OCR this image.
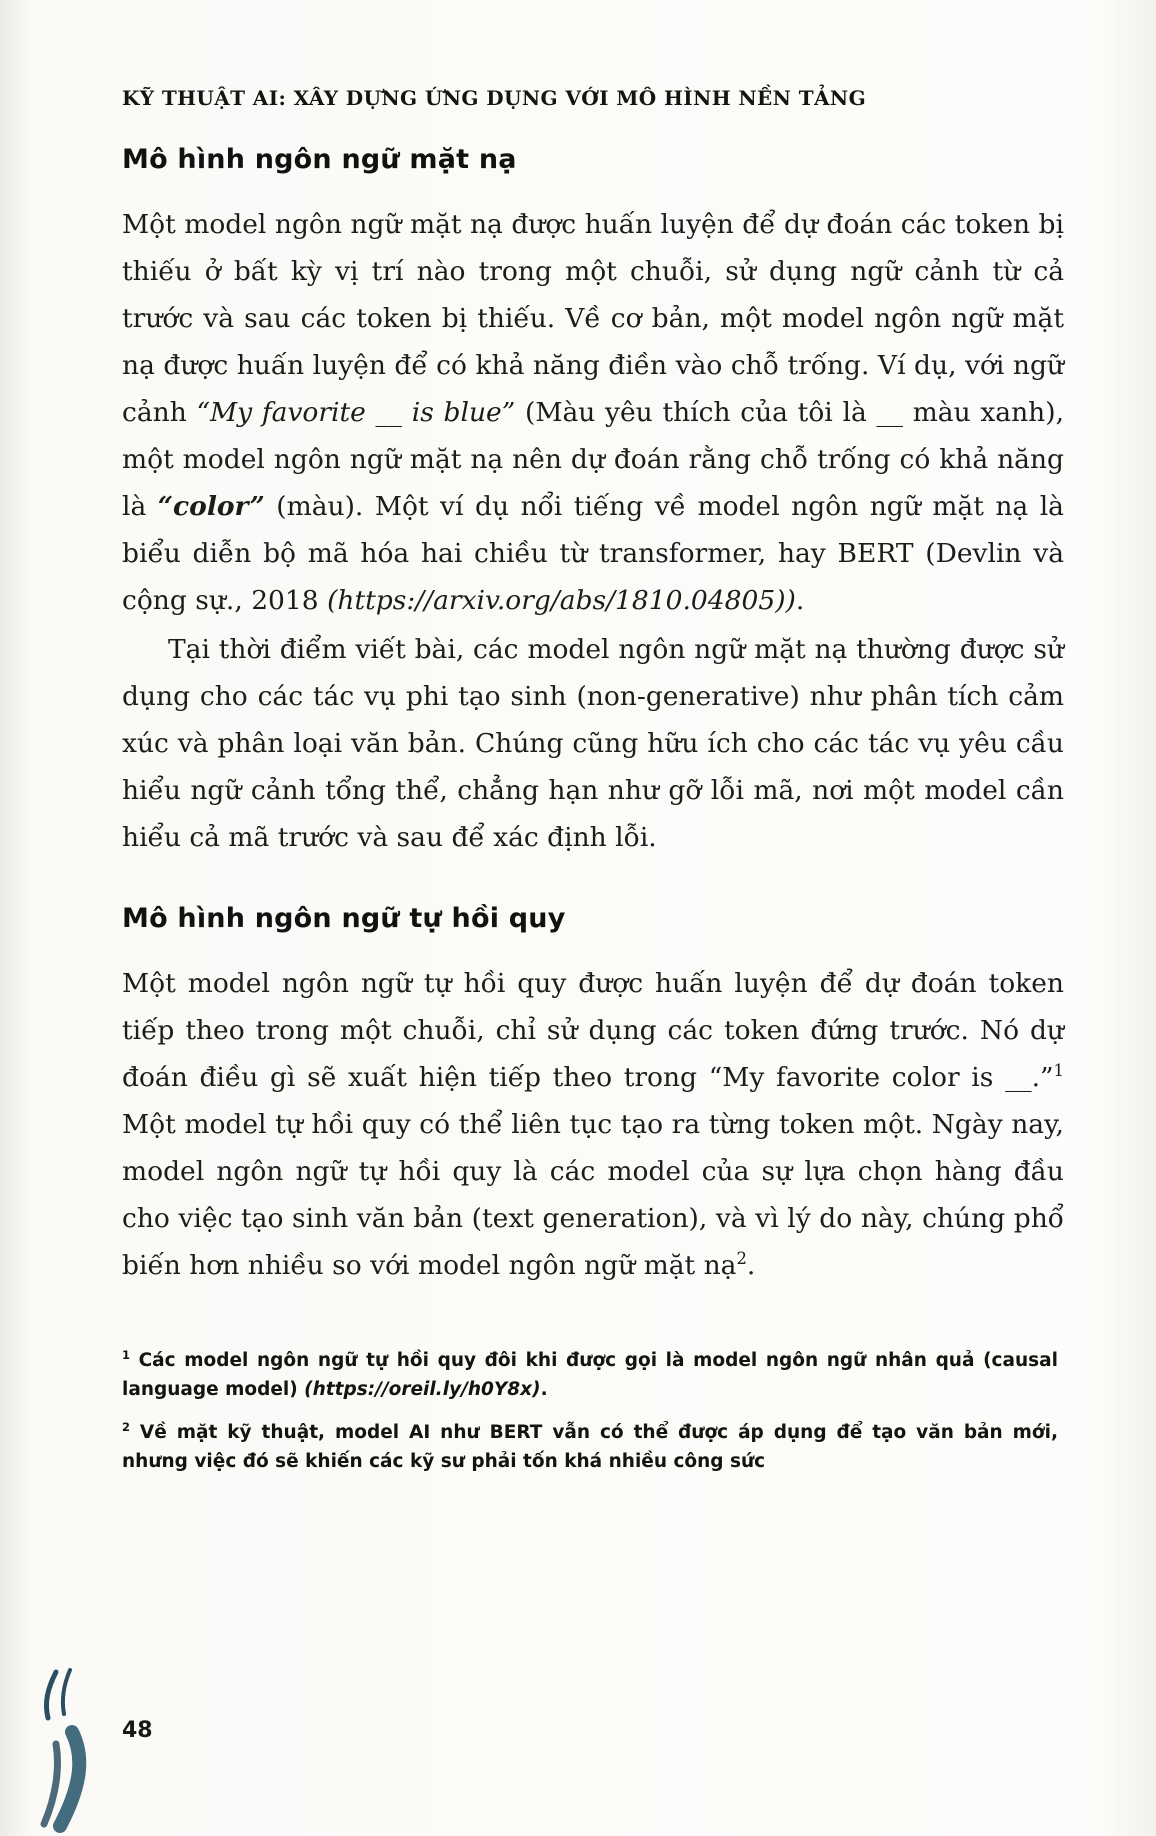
KỸ THUẬT AI: XÂY DỰNG ỨNG DỤNG VỚI MÔ HÌNH NỀN TẢNG
Mô hình ngôn ngữ mặt nạ

Một model ngôn ngữ mặt nạ được huấn luyện để dự đoán các token bị thiếu ở bất kỳ vị trí nào trong một chuỗi, sử dụng ngữ cảnh từ cả trước và sau các token bị thiếu. Về cơ bản, một model ngôn ngữ mặt nạ được huấn luyện để có khả năng điền vào chỗ trống. Ví dụ, với ngữ cảnh “My favorite __ is blue” (Màu yêu thích của tôi là __ màu xanh), một model ngôn ngữ mặt nạ nên dự đoán rằng chỗ trống có khả năng là “color” (màu). Một ví dụ nổi tiếng về model ngôn ngữ mặt nạ là biểu diễn bộ mã hóa hai chiều từ transformer, hay BERT (Devlin và cộng sự., 2018 (https://arxiv.org/abs/1810.04805)).

Tại thời điểm viết bài, các model ngôn ngữ mặt nạ thường được sử dụng cho các tác vụ phi tạo sinh (non-generative) như phân tích cảm xúc và phân loại văn bản. Chúng cũng hữu ích cho các tác vụ yêu cầu hiểu ngữ cảnh tổng thể, chẳng hạn như gỡ lỗi mã, nơi một model cần hiểu cả mã trước và sau để xác định lỗi.

Mô hình ngôn ngữ tự hồi quy

Một model ngôn ngữ tự hồi quy được huấn luyện để dự đoán token tiếp theo trong một chuỗi, chỉ sử dụng các token đứng trước. Nó dự đoán điều gì sẽ xuất hiện tiếp theo trong “My favorite color is __.”$^1$ Một model tự hồi quy có thể liên tục tạo ra từng token một. Ngày nay, model ngôn ngữ tự hồi quy là các model của sự lựa chọn hàng đầu cho việc tạo sinh văn bản (text generation), và vì lý do này, chúng phổ biến hơn nhiều so với model ngôn ngữ mặt nạ$^2$.

$^1$ Các model ngôn ngữ tự hồi quy đôi khi được gọi là model ngôn ngữ nhân quả (causal language model) (https://oreil.ly/h0Y8x).

$^2$ Về mặt kỹ thuật, model AI như BERT vẫn có thể được áp dụng để tạo văn bản mới, nhưng việc đó sẽ khiến các kỹ sư phải tốn khá nhiều công sức

48
